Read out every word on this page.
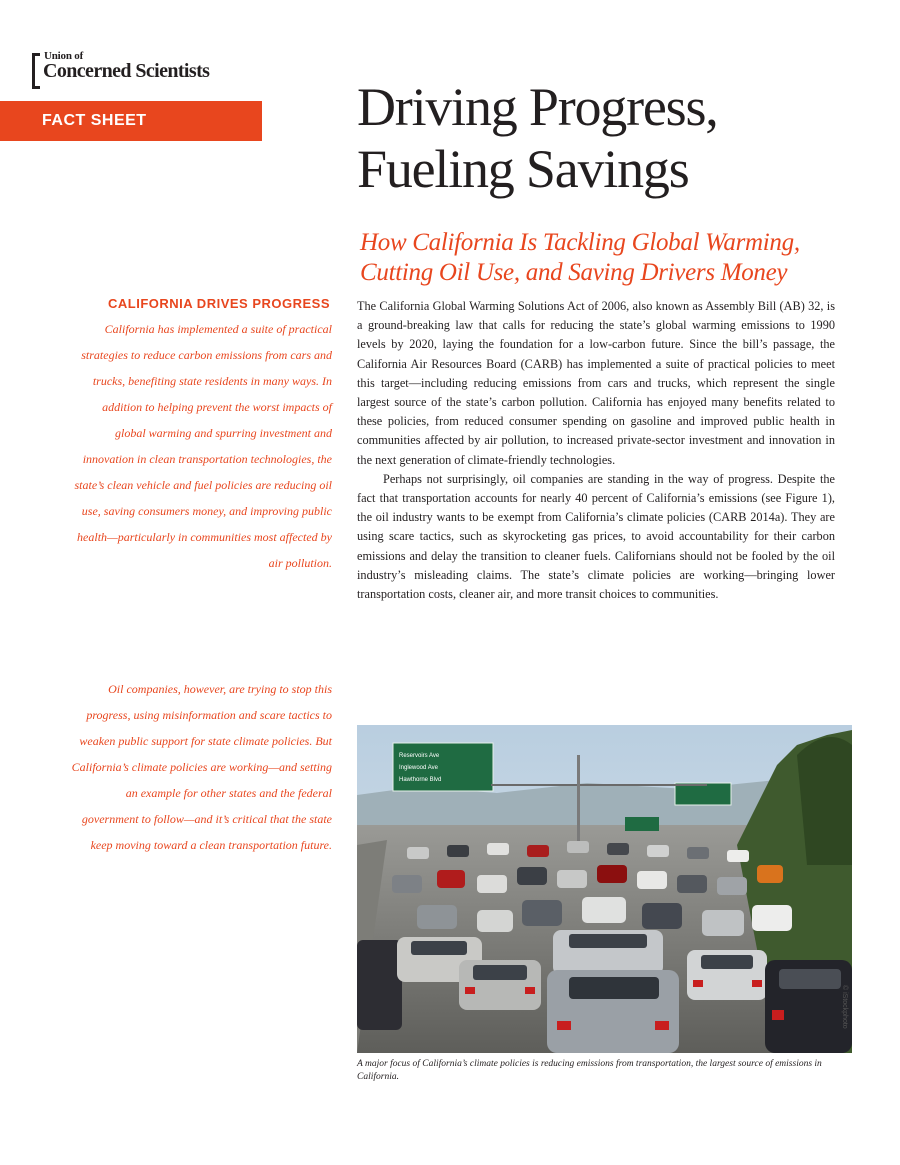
Union of
Concerned Scientists
FACT SHEET	Driving Progress,
Fueling Savings
How California Is Tackling Global Warming,
Cutting Oil Use, and Saving Drivers Money
CALIFORNIA DRIVES PROGRESS
California has implemented a suite of practical strategies to reduce carbon emissions from cars and trucks, benefiting state residents in many ways. In addition to helping prevent the worst impacts of global warming and spurring investment and innovation in clean transportation technologies, the state’s clean vehicle and fuel policies are reducing oil use, saving consumers money, and improving public health—particularly in communities most affected by air pollution.
Oil companies, however, are trying to stop this progress, using misinformation and scare tactics to weaken public support for state climate policies. But California’s climate policies are working—and setting an example for other states and the federal government to follow—and it’s critical that the state keep moving toward a clean transportation future.

The California Global Warming Solutions Act of 2006, also known as Assembly Bill (AB) 32, is a ground-breaking law that calls for reducing the state’s global warming emissions to 1990 levels by 2020, laying the foundation for a low-carbon future. Since the bill’s passage, the California Air Resources Board (CARB) has implemented a suite of practical policies to meet this target—including reducing emissions from cars and trucks, which represent the single largest source of the state’s carbon pollution. California has enjoyed many benefits related to these policies, from reduced consumer spending on gasoline and improved public health in communities affected by air pollution, to increased private-sector investment and innovation in the next generation of climate-friendly technologies.

Perhaps not surprisingly, oil companies are standing in the way of progress. Despite the fact that transportation accounts for nearly 40 percent of California’s emissions (see Figure 1), the oil industry wants to be exempt from California’s climate policies (CARB 2014a). They are using scare tactics, such as skyrocketing gas prices, to avoid accountability for their carbon emissions and delay the transition to cleaner fuels. Californians should not be fooled by the oil industry’s misleading claims. The state’s climate policies are working—bringing lower transportation costs, cleaner air, and more transit choices to communities.

Reservoirs Ave
Inglewood Ave
Hawthorne Blvd
© iStockphoto
A major focus of California’s climate policies is reducing emissions from transportation, the largest source of emissions in California.
